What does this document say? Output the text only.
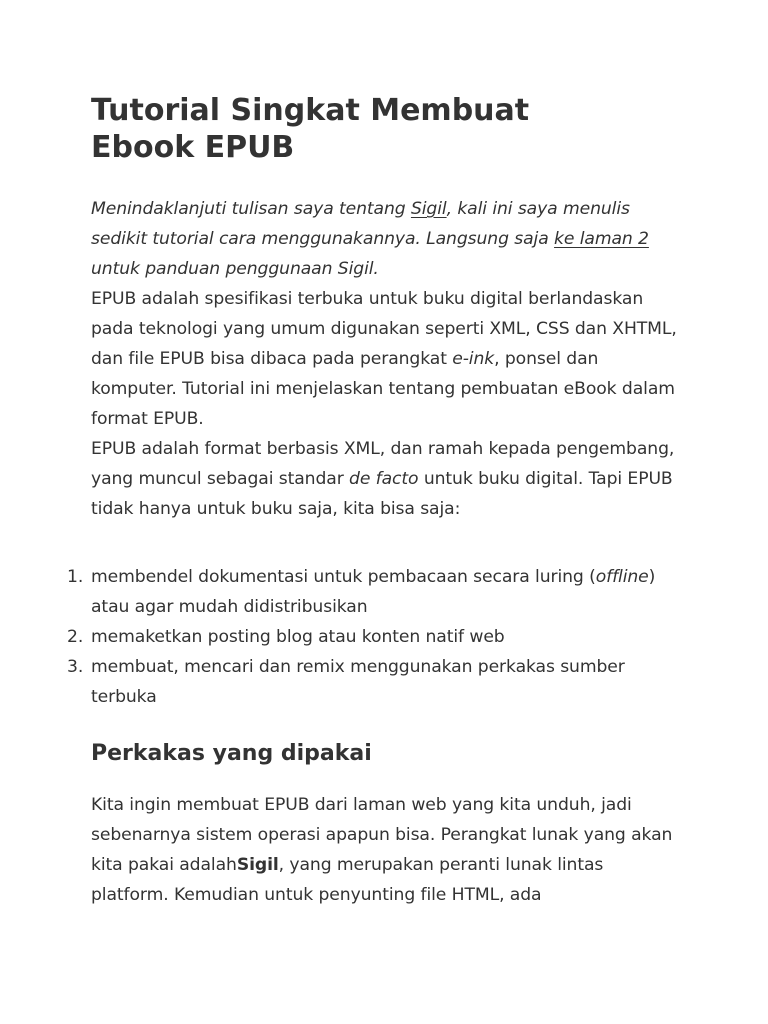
Tutorial Singkat Membuat
Ebook EPUB

Menindaklanjuti tulisan saya tentang Sigil, kali ini saya menulis sedikit tutorial cara menggunakannya. Langsung saja ke laman 2 untuk panduan penggunaan Sigil.

EPUB adalah spesifikasi terbuka untuk buku digital berlandaskan pada teknologi yang umum digunakan seperti XML, CSS dan XHTML, dan file EPUB bisa dibaca pada perangkat e-ink, ponsel dan komputer. Tutorial ini menjelaskan tentang pembuatan eBook dalam format EPUB.

EPUB adalah format berbasis XML, dan ramah kepada pengembang, yang muncul sebagai standar de facto untuk buku digital. Tapi EPUB tidak hanya untuk buku saja, kita bisa saja:

1. membendel dokumentasi untuk pembacaan secara luring (offline) atau agar mudah didistribusikan
2. memaketkan posting blog atau konten natif web
3. membuat, mencari dan remix menggunakan perkakas sumber terbuka
Perkakas yang dipakai

Kita ingin membuat EPUB dari laman web yang kita unduh, jadi sebenarnya sistem operasi apapun bisa. Perangkat lunak yang akan kita pakai adalahSigil, yang merupakan peranti lunak lintas platform. Kemudian untuk penyunting file HTML, ada
